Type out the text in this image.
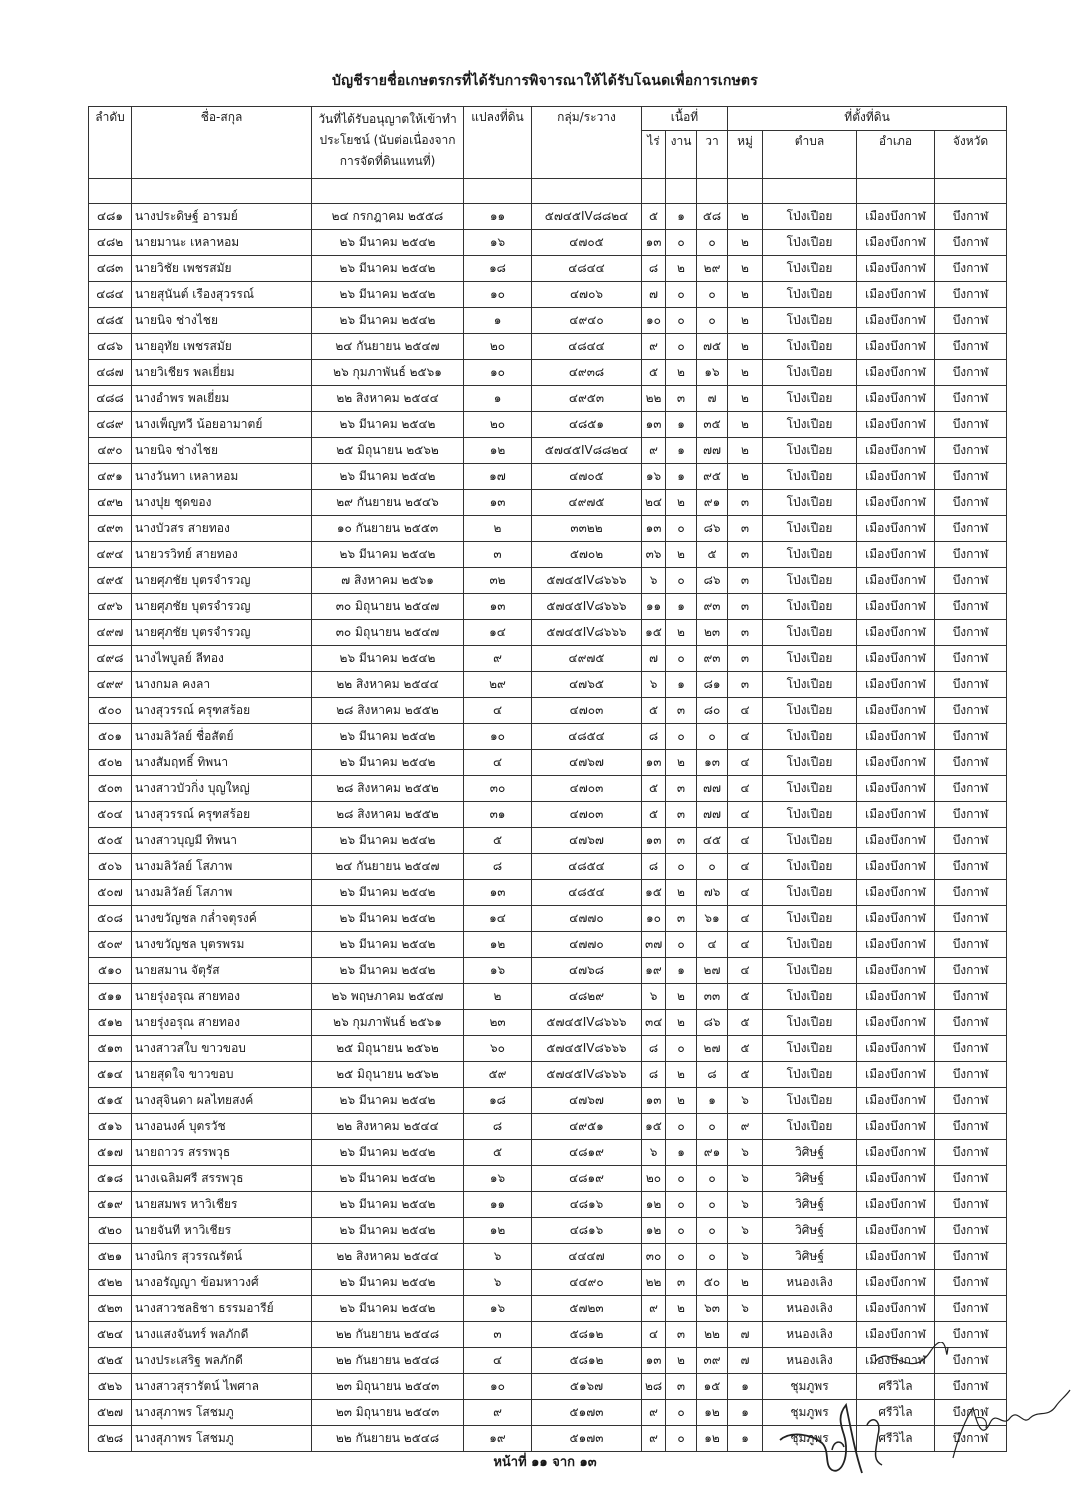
บัญชีรายชื่อเกษตรกรที่ได้รับการพิจารณาให้ได้รับโฉนดเพื่อการเกษตร
ลำดับ	ชื่อ-สกุล	วันที่ได้รับอนุญาตให้เข้าทำประโยชน์ (นับต่อเนื่องจากการจัดที่ดินแทนที่)	แปลงที่ดิน	กลุ่ม/ระวาง	เนื้อที่			ที่ตั้งที่ดิน			
					ไร่	งาน	วา	หมู่	ตำบล	อำเภอ	จังหวัด

๔๘๑	นางประดิษฐ์ อารมย์	๒๔ กรกฎาคม ๒๕๕๘	๑๑	๕๗๔๕IV๘๘๒๔	๕	๑	๕๘	๒	โป่งเปือย	เมืองบึงกาฬ	บึงกาฬ
๔๘๒	นายมานะ เหลาหอม	๒๖ มีนาคม ๒๕๔๒	๑๖	๔๗๐๕	๑๓	๐	๐	๒	โป่งเปือย	เมืองบึงกาฬ	บึงกาฬ
๔๘๓	นายวิชัย เพชรสมัย	๒๖ มีนาคม ๒๕๔๒	๑๘	๔๘๔๔	๘	๒	๒๙	๒	โป่งเปือย	เมืองบึงกาฬ	บึงกาฬ
๔๘๔	นายสุนันต์ เรืองสุวรรณ์	๒๖ มีนาคม ๒๕๔๒	๑๐	๔๗๐๖	๗	๐	๐	๒	โป่งเปือย	เมืองบึงกาฬ	บึงกาฬ
๔๘๕	นายนิจ ช่างไชย	๒๖ มีนาคม ๒๕๔๒	๑	๔๙๔๐	๑๐	๐	๐	๒	โป่งเปือย	เมืองบึงกาฬ	บึงกาฬ
๔๘๖	นายอุทัย เพชรสมัย	๒๔ กันยายน ๒๕๔๗	๒๐	๔๘๔๔	๙	๐	๗๕	๒	โป่งเปือย	เมืองบึงกาฬ	บึงกาฬ
๔๘๗	นายวิเชียร พลเยี่ยม	๒๖ กุมภาพันธ์ ๒๕๖๑	๑๐	๔๙๓๘	๕	๒	๑๖	๒	โป่งเปือย	เมืองบึงกาฬ	บึงกาฬ
๔๘๘	นางอำพร พลเยี่ยม	๒๒ สิงหาคม ๒๕๔๔	๑	๔๙๕๓	๒๒	๓	๗	๒	โป่งเปือย	เมืองบึงกาฬ	บึงกาฬ
๔๘๙	นางเพ็ญทวี น้อยอามาตย์	๒๖ มีนาคม ๒๕๔๒	๒๐	๔๘๕๑	๑๓	๑	๓๕	๒	โป่งเปือย	เมืองบึงกาฬ	บึงกาฬ
๔๙๐	นายนิจ ช่างไชย	๒๕ มิถุนายน ๒๕๖๒	๑๒	๕๗๔๕IV๘๘๒๔	๙	๑	๗๗	๒	โป่งเปือย	เมืองบึงกาฬ	บึงกาฬ
๔๙๑	นางวันทา เหลาหอม	๒๖ มีนาคม ๒๕๔๒	๑๗	๔๗๐๕	๑๖	๑	๙๕	๒	โป่งเปือย	เมืองบึงกาฬ	บึงกาฬ
๔๙๒	นางปุย ชุดของ	๒๙ กันยายน ๒๕๔๖	๑๓	๔๙๗๕	๒๔	๒	๙๑	๓	โป่งเปือย	เมืองบึงกาฬ	บึงกาฬ
๔๙๓	นางบัวสร สายทอง	๑๐ กันยายน ๒๕๕๓	๒	๓๓๒๒	๑๓	๐	๘๖	๓	โป่งเปือย	เมืองบึงกาฬ	บึงกาฬ
๔๙๔	นายวรวิทย์ สายทอง	๒๖ มีนาคม ๒๕๔๒	๓	๕๗๐๒	๓๖	๒	๕	๓	โป่งเปือย	เมืองบึงกาฬ	บึงกาฬ
๔๙๕	นายศุภชัย บุตรจำรวญ	๗ สิงหาคม ๒๕๖๑	๓๒	๕๗๔๕IV๘๖๖๖	๖	๐	๘๖	๓	โป่งเปือย	เมืองบึงกาฬ	บึงกาฬ
๔๙๖	นายศุภชัย บุตรจำรวญ	๓๐ มิถุนายน ๒๕๔๗	๑๓	๕๗๔๕IV๘๖๖๖	๑๑	๑	๙๓	๓	โป่งเปือย	เมืองบึงกาฬ	บึงกาฬ
๔๙๗	นายศุภชัย บุตรจำรวญ	๓๐ มิถุนายน ๒๕๔๗	๑๔	๕๗๔๕IV๘๖๖๖	๑๕	๒	๒๓	๓	โป่งเปือย	เมืองบึงกาฬ	บึงกาฬ
๔๙๘	นางไพบูลย์ ลีทอง	๒๖ มีนาคม ๒๕๔๒	๙	๔๙๗๕	๗	๐	๙๓	๓	โป่งเปือย	เมืองบึงกาฬ	บึงกาฬ
๔๙๙	นางกมล คงลา	๒๒ สิงหาคม ๒๕๔๔	๒๙	๔๗๖๕	๖	๑	๘๑	๓	โป่งเปือย	เมืองบึงกาฬ	บึงกาฬ
๕๐๐	นางสุวรรณ์ ครุฑสร้อย	๒๘ สิงหาคม ๒๕๕๒	๔	๔๗๐๓	๕	๓	๘๐	๔	โป่งเปือย	เมืองบึงกาฬ	บึงกาฬ
๕๐๑	นางมลิวัลย์ ชื่อสัตย์	๒๖ มีนาคม ๒๕๔๒	๑๐	๔๘๕๔	๘	๐	๐	๔	โป่งเปือย	เมืองบึงกาฬ	บึงกาฬ
๕๐๒	นางสัมฤทธิ์ ทิพนา	๒๖ มีนาคม ๒๕๔๒	๔	๔๗๖๗	๑๓	๒	๑๓	๔	โป่งเปือย	เมืองบึงกาฬ	บึงกาฬ
๕๐๓	นางสาวบัวกิ่ง บุญใหญ่	๒๘ สิงหาคม ๒๕๕๒	๓๐	๔๗๐๓	๕	๓	๗๗	๔	โป่งเปือย	เมืองบึงกาฬ	บึงกาฬ
๕๐๔	นางสุวรรณ์ ครุฑสร้อย	๒๘ สิงหาคม ๒๕๕๒	๓๑	๔๗๐๓	๕	๓	๗๗	๔	โป่งเปือย	เมืองบึงกาฬ	บึงกาฬ
๕๐๕	นางสาวบุญมี ทิพนา	๒๖ มีนาคม ๒๕๔๒	๕	๔๗๖๗	๑๓	๓	๔๕	๔	โป่งเปือย	เมืองบึงกาฬ	บึงกาฬ
๕๐๖	นางมลิวัลย์ โสภาพ	๒๔ กันยายน ๒๕๔๗	๘	๔๘๕๔	๘	๐	๐	๔	โป่งเปือย	เมืองบึงกาฬ	บึงกาฬ
๕๐๗	นางมลิวัลย์ โสภาพ	๒๖ มีนาคม ๒๕๔๒	๑๓	๔๘๕๔	๑๕	๒	๗๖	๔	โป่งเปือย	เมืองบึงกาฬ	บึงกาฬ
๕๐๘	นางขวัญชล กล่ำจตุรงค์	๒๖ มีนาคม ๒๕๔๒	๑๔	๔๗๗๐	๑๐	๓	๖๑	๔	โป่งเปือย	เมืองบึงกาฬ	บึงกาฬ
๕๐๙	นางขวัญชล บุตรพรม	๒๖ มีนาคม ๒๕๔๒	๑๒	๔๗๗๐	๓๗	๐	๔	๔	โป่งเปือย	เมืองบึงกาฬ	บึงกาฬ
๕๑๐	นายสมาน จัตุรัส	๒๖ มีนาคม ๒๕๔๒	๑๖	๔๗๖๘	๑๙	๑	๒๗	๔	โป่งเปือย	เมืองบึงกาฬ	บึงกาฬ
๕๑๑	นายรุ่งอรุณ สายทอง	๒๖ พฤษภาคม ๒๕๔๗	๒	๔๘๒๙	๖	๒	๓๓	๕	โป่งเปือย	เมืองบึงกาฬ	บึงกาฬ
๕๑๒	นายรุ่งอรุณ สายทอง	๒๖ กุมภาพันธ์ ๒๕๖๑	๒๓	๕๗๔๕IV๘๖๖๖	๓๔	๒	๘๖	๕	โป่งเปือย	เมืองบึงกาฬ	บึงกาฬ
๕๑๓	นางสาวสใบ ขาวขอบ	๒๕ มิถุนายน ๒๕๖๒	๖๐	๕๗๔๕IV๘๖๖๖	๘	๐	๒๗	๕	โป่งเปือย	เมืองบึงกาฬ	บึงกาฬ
๕๑๔	นายสุดใจ ขาวขอบ	๒๕ มิถุนายน ๒๕๖๒	๕๙	๕๗๔๕IV๘๖๖๖	๘	๒	๘	๕	โป่งเปือย	เมืองบึงกาฬ	บึงกาฬ
๕๑๕	นางสุจินดา ผลไทยสงค์	๒๖ มีนาคม ๒๕๔๒	๑๘	๔๗๖๗	๑๓	๒	๑	๖	โป่งเปือย	เมืองบึงกาฬ	บึงกาฬ
๕๑๖	นางอนงค์ บุตรวัช	๒๒ สิงหาคม ๒๕๔๔	๘	๔๙๕๑	๑๕	๐	๐	๙	โป่งเปือย	เมืองบึงกาฬ	บึงกาฬ
๕๑๗	นายถาวร สรรพวุธ	๒๖ มีนาคม ๒๕๔๒	๕	๔๘๑๙	๖	๑	๙๑	๖	วิศิษฐ์	เมืองบึงกาฬ	บึงกาฬ
๕๑๘	นางเฉลิมศรี สรรพวุธ	๒๖ มีนาคม ๒๕๔๒	๑๖	๔๘๑๙	๒๐	๐	๐	๖	วิศิษฐ์	เมืองบึงกาฬ	บึงกาฬ
๕๑๙	นายสมพร หาวิเชียร	๒๖ มีนาคม ๒๕๔๒	๑๑	๔๘๑๖	๑๒	๐	๐	๖	วิศิษฐ์	เมืองบึงกาฬ	บึงกาฬ
๕๒๐	นายจันที หาวิเชียร	๒๖ มีนาคม ๒๕๔๒	๑๒	๔๘๑๖	๑๒	๐	๐	๖	วิศิษฐ์	เมืองบึงกาฬ	บึงกาฬ
๕๒๑	นางนิกร สุวรรณรัตน์	๒๒ สิงหาคม ๒๕๔๔	๖	๔๔๔๗	๓๐	๐	๐	๖	วิศิษฐ์	เมืองบึงกาฬ	บึงกาฬ
๕๒๒	นางอรัญญา ข้อมหาวงศ์	๒๖ มีนาคม ๒๕๔๒	๖	๔๔๙๐	๒๒	๓	๕๐	๒	หนองเลิง	เมืองบึงกาฬ	บึงกาฬ
๕๒๓	นางสาวชลธิชา ธรรมอารีย์	๒๖ มีนาคม ๒๕๔๒	๑๖	๕๗๒๓	๙	๒	๖๓	๖	หนองเลิง	เมืองบึงกาฬ	บึงกาฬ
๕๒๔	นางแสงจันทร์ พลภักดี	๒๒ กันยายน ๒๕๔๘	๓	๕๘๑๒	๔	๓	๒๒	๗	หนองเลิง	เมืองบึงกาฬ	บึงกาฬ
๕๒๕	นางประเสริฐ พลภักดี	๒๒ กันยายน ๒๕๔๘	๔	๕๘๑๒	๑๓	๒	๓๙	๗	หนองเลิง	เมืองบึงกาฬ	บึงกาฬ
๕๒๖	นางสาวสุรารัตน์ ไพศาล	๒๓ มิถุนายน ๒๕๔๓	๑๐	๕๑๖๗	๒๘	๓	๑๕	๑	ชุมภูพร	ศรีวิไล	บึงกาฬ
๕๒๗	นางสุภาพร โสชมภู	๒๓ มิถุนายน ๒๕๔๓	๙	๕๑๗๓	๙	๐	๑๒	๑	ชุมภูพร	ศรีวิไล	บึงกาฬ
๕๒๘	นางสุภาพร โสชมภู	๒๒ กันยายน ๒๕๔๘	๑๙	๕๑๗๓	๙	๐	๑๒	๑	ชุมภูพร	ศรีวิไล	บึงกาฬ
หน้าที่ ๑๑ จาก ๑๓
